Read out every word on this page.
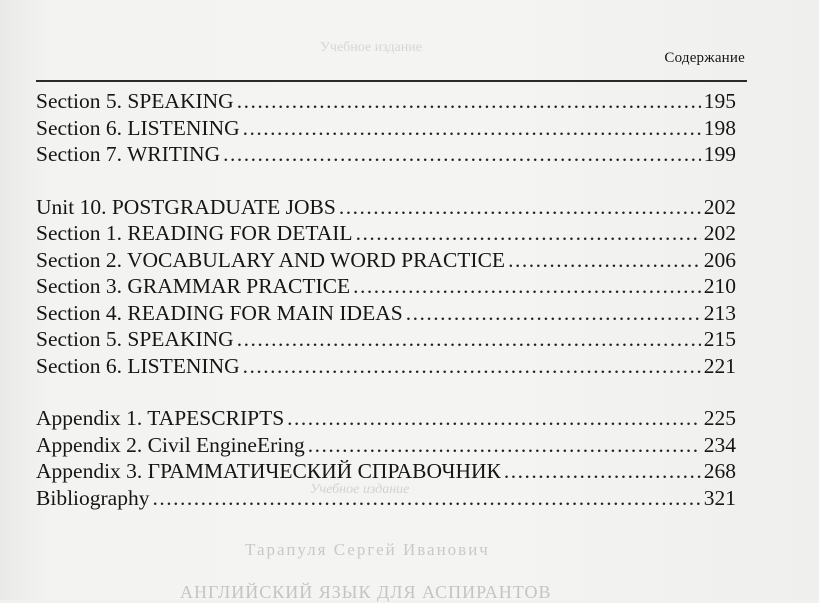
Учебное издание
Учебное издание
Тарапуля Сергей Иванович
АНГЛИЙСКИЙ ЯЗЫК ДЛЯ АСПИРАНТОВ
Содержание
Section 5. SPEAKING .....	195
Section 6. LISTENING .....	198
Section 7. WRITING .....	199
Unit 10. POSTGRADUATE JOBS .....	202
Section 1. READING FOR DETAIL .....	202
Section 2. VOCABULARY AND WORD PRACTICE .....	206
Section 3. GRAMMAR PRACTICE .....	210
Section 4. READING FOR MAIN IDEAS .....	213
Section 5. SPEAKING .....	215
Section 6. LISTENING .....	221
Appendix 1. TAPESCRIPTS .....	225
Appendix 2. Civil EngineEring .....	234
Appendix 3. ГРАММАТИЧЕСКИЙ СПРАВОЧНИК .....	268
Bibliography .....	321
